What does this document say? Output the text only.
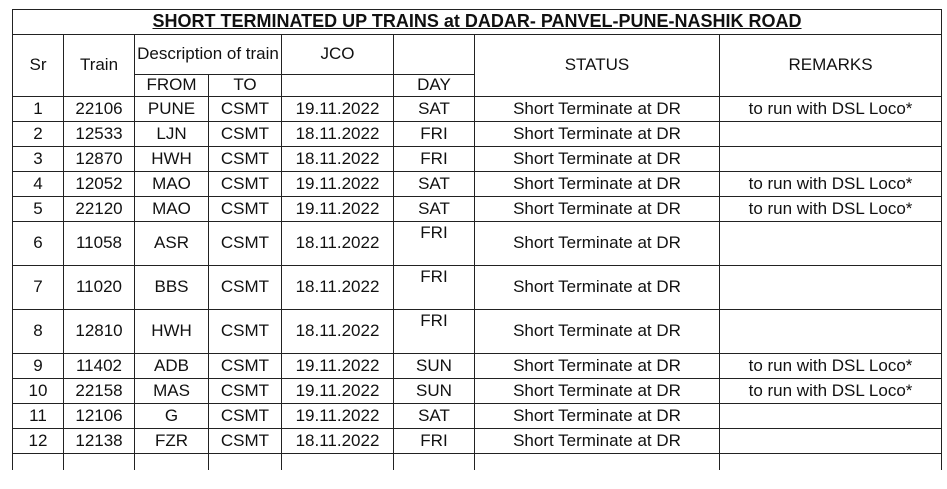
SHORT TERMINATED UP TRAINS at DADAR- PANVEL-PUNE-NASHIK ROAD							
Sr	Train	Description of train		JCO		STATUS	REMARKS
		FROM	TO		DAY		
1	22106	PUNE	CSMT	19.11.2022	SAT	Short Terminate at DR	to run with DSL Loco*
2	12533	LJN	CSMT	18.11.2022	FRI	Short Terminate at DR	
3	12870	HWH	CSMT	18.11.2022	FRI	Short Terminate at DR	
4	12052	MAO	CSMT	19.11.2022	SAT	Short Terminate at DR	to run with DSL Loco*
5	22120	MAO	CSMT	19.11.2022	SAT	Short Terminate at DR	to run with DSL Loco*
6	11058	ASR	CSMT	18.11.2022	FRI	Short Terminate at DR	
7	11020	BBS	CSMT	18.11.2022	FRI	Short Terminate at DR	
8	12810	HWH	CSMT	18.11.2022	FRI	Short Terminate at DR	
9	11402	ADB	CSMT	19.11.2022	SUN	Short Terminate at DR	to run with DSL Loco*
10	22158	MAS	CSMT	19.11.2022	SUN	Short Terminate at DR	to run with DSL Loco*
11	12106	G	CSMT	19.11.2022	SAT	Short Terminate at DR	
12	12138	FZR	CSMT	18.11.2022	FRI	Short Terminate at DR	
